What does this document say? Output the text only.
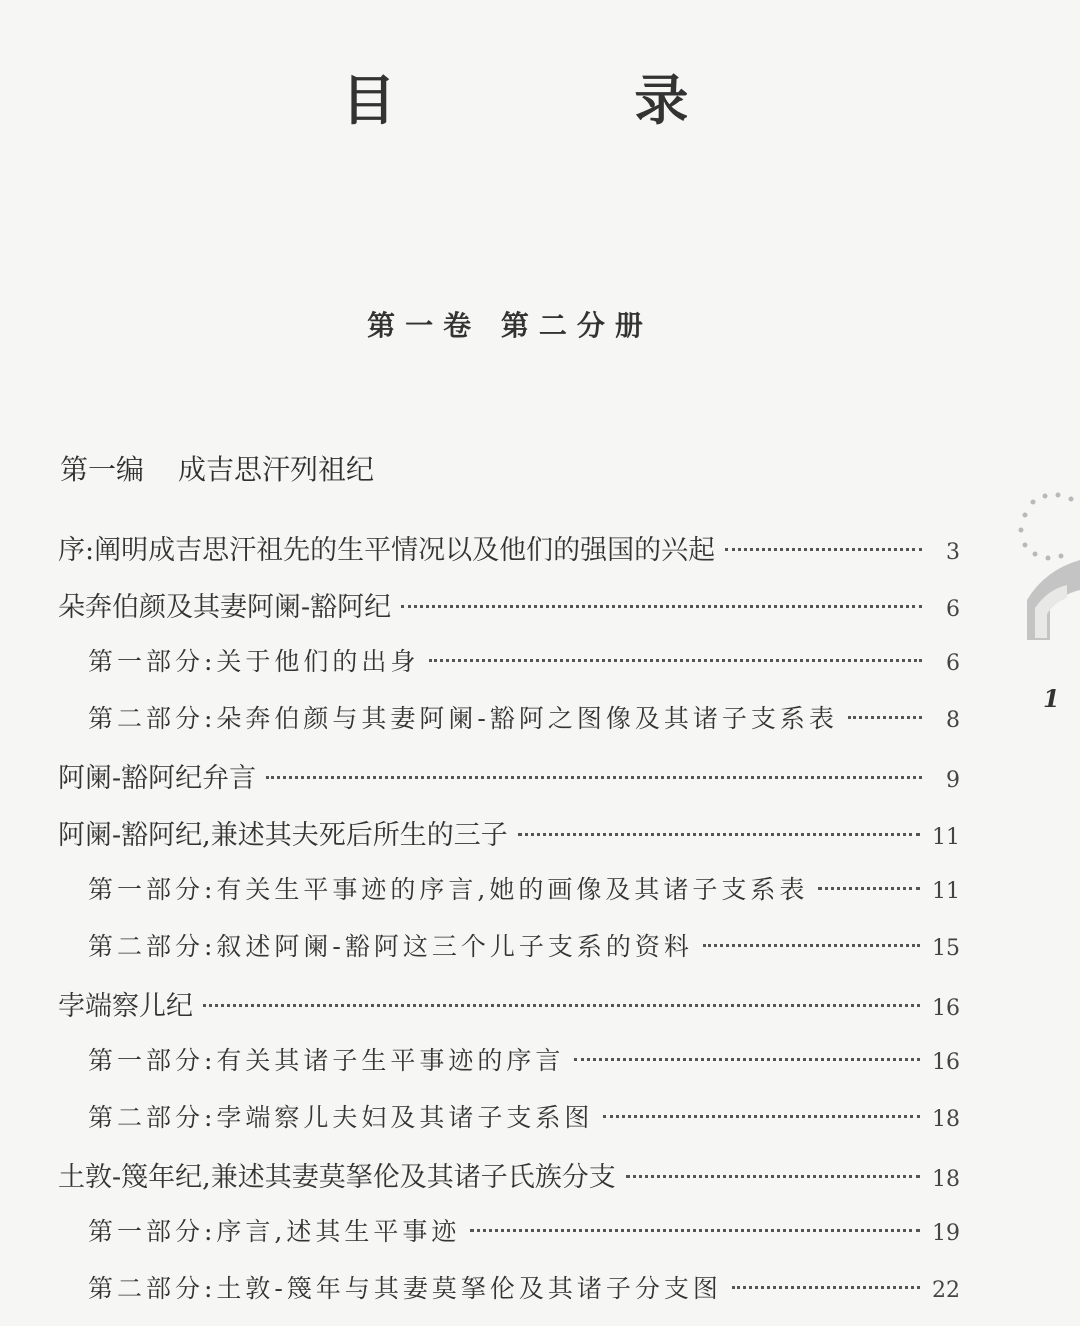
目 录
第一卷 第二分册
第一编 成吉思汗列祖纪
序:阐明成吉思汗祖先的生平情况以及他们的强国的兴起	3
朵奔伯颜及其妻阿阑-豁阿纪	6
第一部分:关于他们的出身	6
第二部分:朵奔伯颜与其妻阿阑-豁阿之图像及其诸子支系表	8
阿阑-豁阿纪弁言	9
阿阑-豁阿纪,兼述其夫死后所生的三子	11
第一部分:有关生平事迹的序言,她的画像及其诸子支系表	11
第二部分:叙述阿阑-豁阿这三个儿子支系的资料	15
孛端察儿纪	16
第一部分:有关其诸子生平事迹的序言	16
第二部分:孛端察儿夫妇及其诸子支系图	18
土敦-篾年纪,兼述其妻莫拏伦及其诸子氏族分支	18
第一部分:序言,述其生平事迹	19
第二部分:土敦-篾年与其妻莫拏伦及其诸子分支图	22
1
